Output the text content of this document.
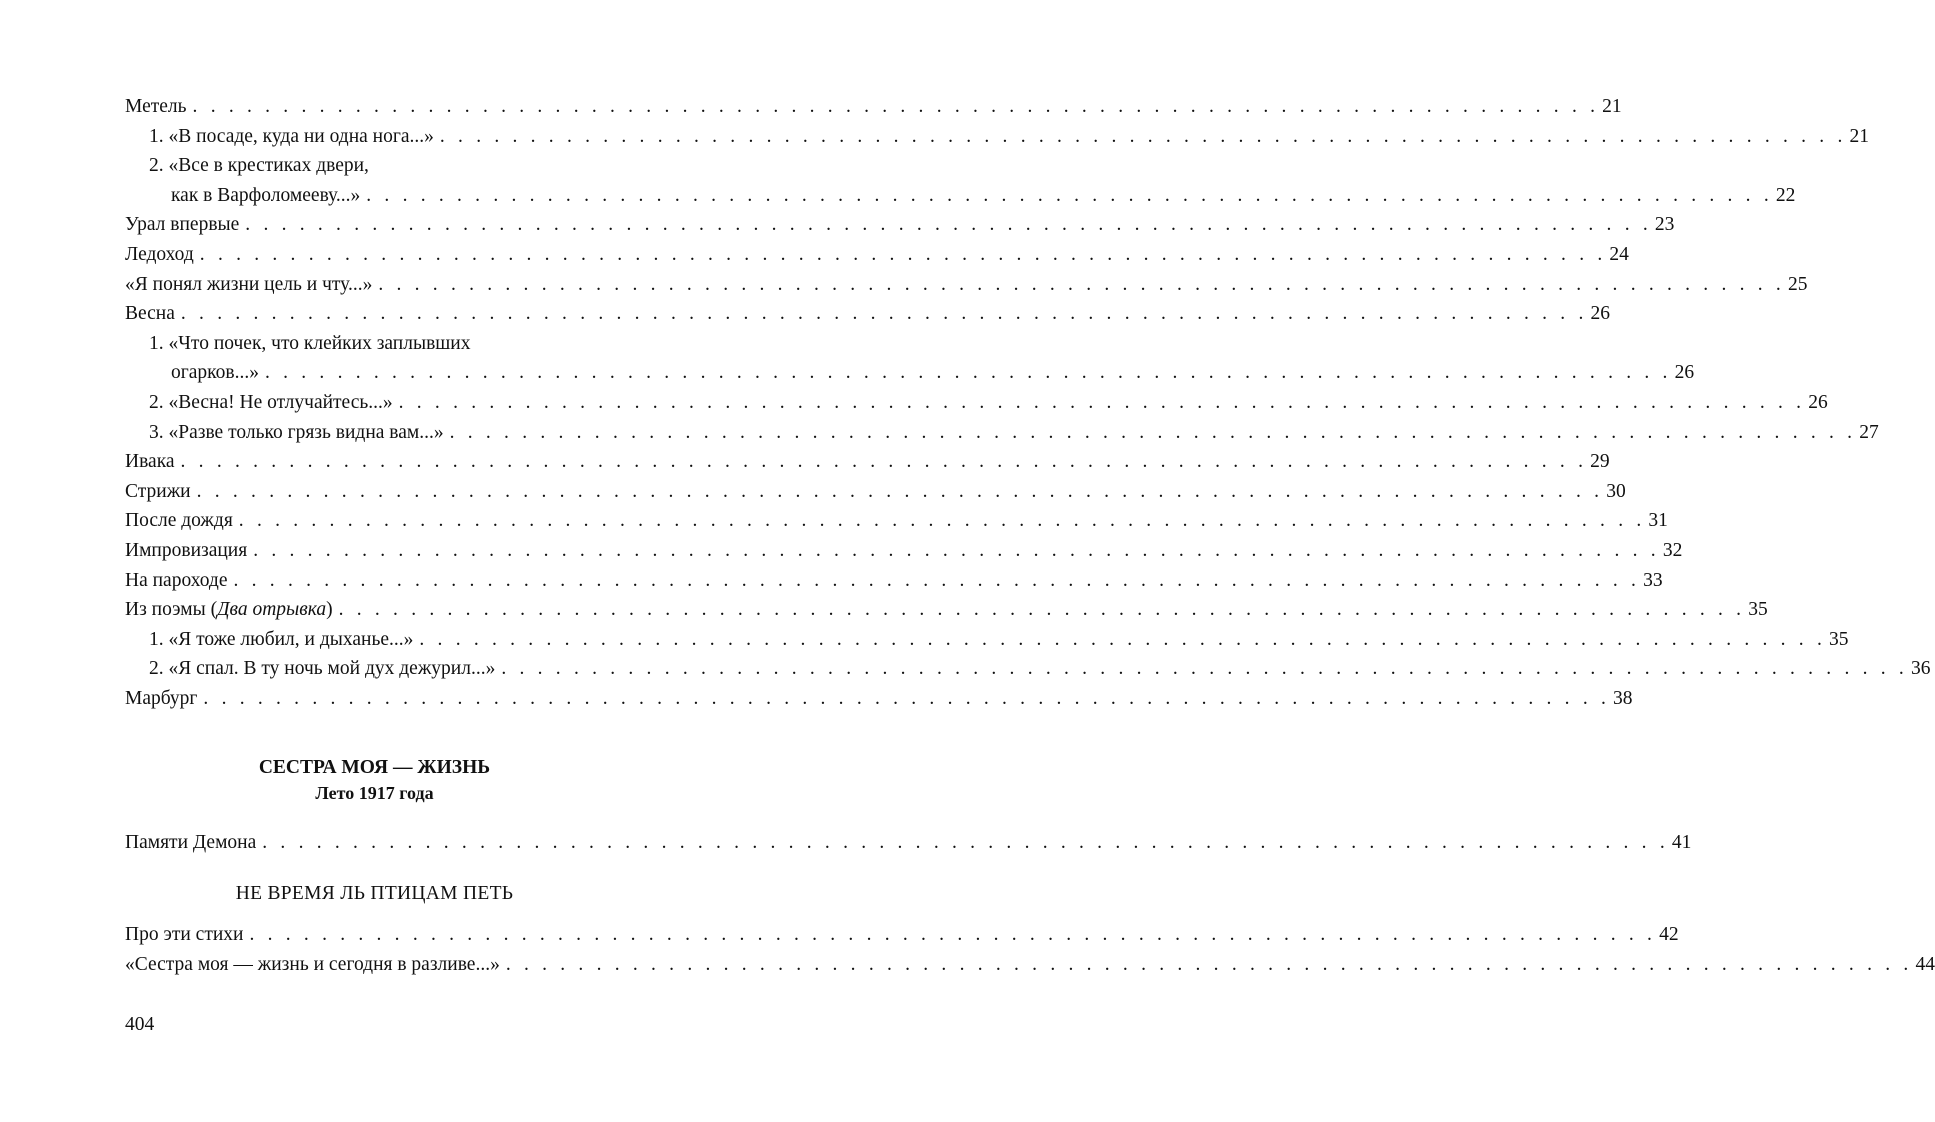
Метель . . . . . . . . . . . . . . . . . . . . . . . . . . . . . . . . . . . . . . . . . . . . . . . . . . . . . . . . . . . . . . . . . . . . . . . . . . . . . . 21
1. «В посаде, куда ни одна нога...» . . . . . . . . . . . . . . . . . . . . . . . . . . . . . . . . . . . . . . . . . . . . . . . . . . . . . . . . . . . . . . . . . . . . . . . . . . . . . . 21
2. «Все в крестиках двери,
как в Варфоломееву...» . . . . . . . . . . . . . . . . . . . . . . . . . . . . . . . . . . . . . . . . . . . . . . . . . . . . . . . . . . . . . . . . . . . . . . . . . . . . . . 22
Урал впервые . . . . . . . . . . . . . . . . . . . . . . . . . . . . . . . . . . . . . . . . . . . . . . . . . . . . . . . . . . . . . . . . . . . . . . . . . . . . . . 23
Ледоход . . . . . . . . . . . . . . . . . . . . . . . . . . . . . . . . . . . . . . . . . . . . . . . . . . . . . . . . . . . . . . . . . . . . . . . . . . . . . . 24
«Я понял жизни цель и чту...» . . . . . . . . . . . . . . . . . . . . . . . . . . . . . . . . . . . . . . . . . . . . . . . . . . . . . . . . . . . . . . . . . . . . . . . . . . . . . . 25
Весна . . . . . . . . . . . . . . . . . . . . . . . . . . . . . . . . . . . . . . . . . . . . . . . . . . . . . . . . . . . . . . . . . . . . . . . . . . . . . . 26
1. «Что почек, что клейких заплывших
огарков...» . . . . . . . . . . . . . . . . . . . . . . . . . . . . . . . . . . . . . . . . . . . . . . . . . . . . . . . . . . . . . . . . . . . . . . . . . . . . . . 26
2. «Весна! Не отлучайтесь...» . . . . . . . . . . . . . . . . . . . . . . . . . . . . . . . . . . . . . . . . . . . . . . . . . . . . . . . . . . . . . . . . . . . . . . . . . . . . . . 26
3. «Разве только грязь видна вам...» . . . . . . . . . . . . . . . . . . . . . . . . . . . . . . . . . . . . . . . . . . . . . . . . . . . . . . . . . . . . . . . . . . . . . . . . . . . . . . 27
Ивака . . . . . . . . . . . . . . . . . . . . . . . . . . . . . . . . . . . . . . . . . . . . . . . . . . . . . . . . . . . . . . . . . . . . . . . . . . . . . . 29
Стрижи . . . . . . . . . . . . . . . . . . . . . . . . . . . . . . . . . . . . . . . . . . . . . . . . . . . . . . . . . . . . . . . . . . . . . . . . . . . . . . 30
После дождя . . . . . . . . . . . . . . . . . . . . . . . . . . . . . . . . . . . . . . . . . . . . . . . . . . . . . . . . . . . . . . . . . . . . . . . . . . . . . . 31
Импровизация . . . . . . . . . . . . . . . . . . . . . . . . . . . . . . . . . . . . . . . . . . . . . . . . . . . . . . . . . . . . . . . . . . . . . . . . . . . . . . 32
На пароходе . . . . . . . . . . . . . . . . . . . . . . . . . . . . . . . . . . . . . . . . . . . . . . . . . . . . . . . . . . . . . . . . . . . . . . . . . . . . . . 33
Из поэмы (Два отрывка) . . . . . . . . . . . . . . . . . . . . . . . . . . . . . . . . . . . . . . . . . . . . . . . . . . . . . . . . . . . . . . . . . . . . . . . . . . . . . . 35
1. «Я тоже любил, и дыханье...» . . . . . . . . . . . . . . . . . . . . . . . . . . . . . . . . . . . . . . . . . . . . . . . . . . . . . . . . . . . . . . . . . . . . . . . . . . . . . . 35
2. «Я спал. В ту ночь мой дух дежурил...» . . . . . . . . . . . . . . . . . . . . . . . . . . . . . . . . . . . . . . . . . . . . . . . . . . . . . . . . . . . . . . . . . . . . . . . . . . . . . . 36
Марбург . . . . . . . . . . . . . . . . . . . . . . . . . . . . . . . . . . . . . . . . . . . . . . . . . . . . . . . . . . . . . . . . . . . . . . . . . . . . . . 38
СЕСТРА МОЯ — ЖИЗНЬ
Лето 1917 года
Памяти Демона . . . . . . . . . . . . . . . . . . . . . . . . . . . . . . . . . . . . . . . . . . . . . . . . . . . . . . . . . . . . . . . . . . . . . . . . . . . . . . 41
НЕ ВРЕМЯ ЛЬ ПТИЦАМ ПЕТЬ
Про эти стихи . . . . . . . . . . . . . . . . . . . . . . . . . . . . . . . . . . . . . . . . . . . . . . . . . . . . . . . . . . . . . . . . . . . . . . . . . . . . . . 42
«Сестра моя — жизнь и сегодня в разливе...» . . . . . . . . . . . . . . . . . . . . . . . . . . . . . . . . . . . . . . . . . . . . . . . . . . . . . . . . . . . . . . . . . . . . . . . . . . . . . . 44
404
